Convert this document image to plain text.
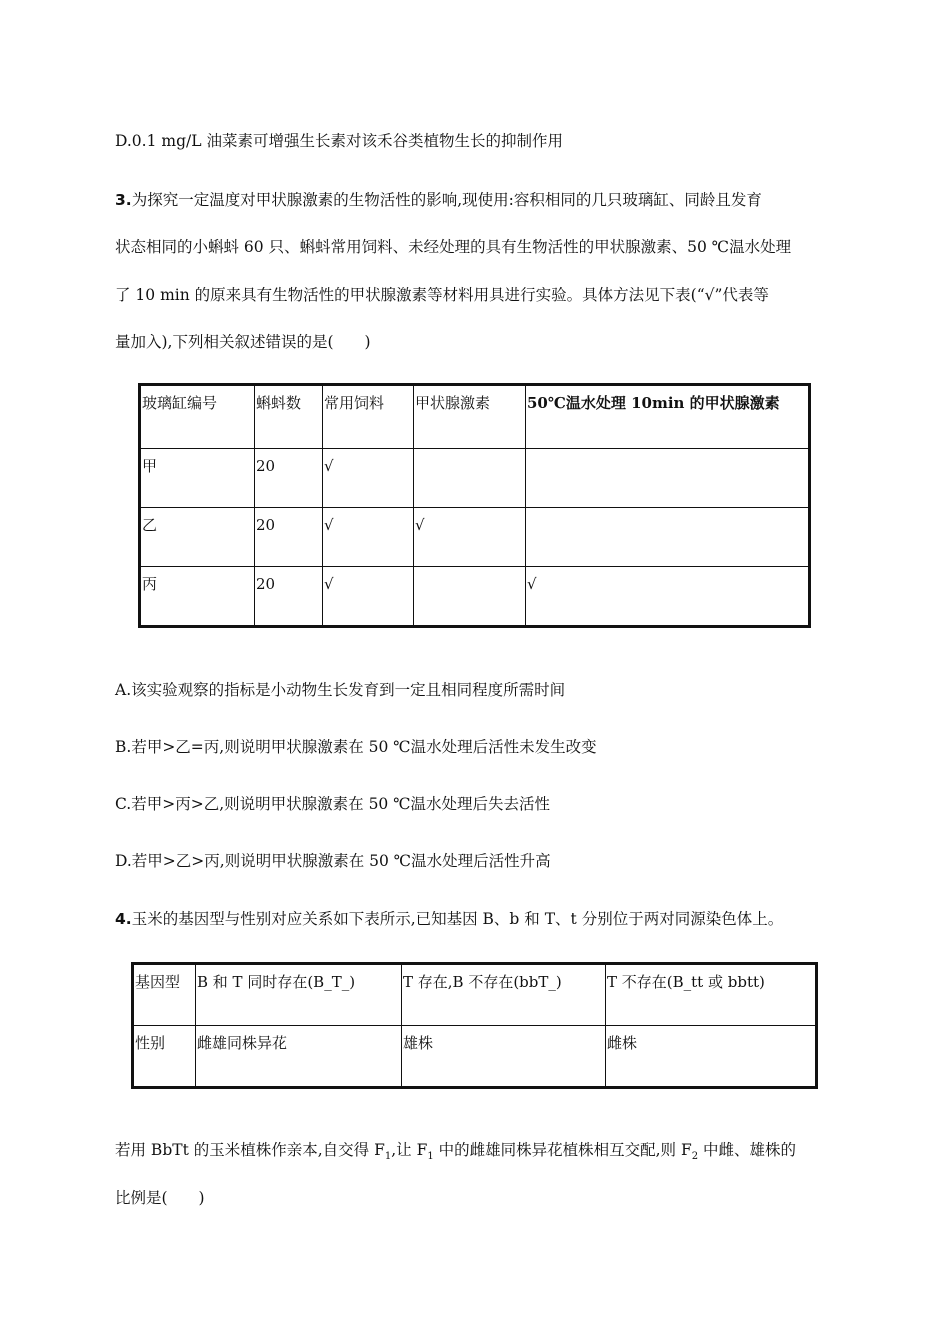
D.0.1 mg/L 油菜素可增强生长素对该禾谷类植物生长的抑制作用
3.为探究一定温度对甲状腺激素的生物活性的影响,现使用:容积相同的几只玻璃缸、同龄且发育
状态相同的小蝌蚪 60 只、蝌蚪常用饲料、未经处理的具有生物活性的甲状腺激素、50 ℃温水处理
了 10 min 的原来具有生物活性的甲状腺激素等材料用具进行实验。具体方法见下表(“√”代表等
量加入),下列相关叙述错误的是(　　)
玻璃缸编号	蝌蚪数	常用饲料	甲状腺激素	50℃温水处理 10min 的甲状腺激素
甲	20	√		
乙	20	√	√	
丙	20	√		√
A.该实验观察的指标是小动物生长发育到一定且相同程度所需时间
B.若甲>乙=丙,则说明甲状腺激素在 50 ℃温水处理后活性未发生改变
C.若甲>丙>乙,则说明甲状腺激素在 50 ℃温水处理后失去活性
D.若甲>乙>丙,则说明甲状腺激素在 50 ℃温水处理后活性升高
4.玉米的基因型与性别对应关系如下表所示,已知基因 B、b 和 T、t 分别位于两对同源染色体上。
基因型	B 和 T 同时存在(B_T_)	T 存在,B 不存在(bbT_)	T 不存在(B_tt 或 bbtt)
性别	雌雄同株异花	雄株	雌株
若用 BbTt 的玉米植株作亲本,自交得 $F_1$,让 $F_1$ 中的雌雄同株异花植株相互交配,则 $F_2$ 中雌、雄株的
比例是(　　)
